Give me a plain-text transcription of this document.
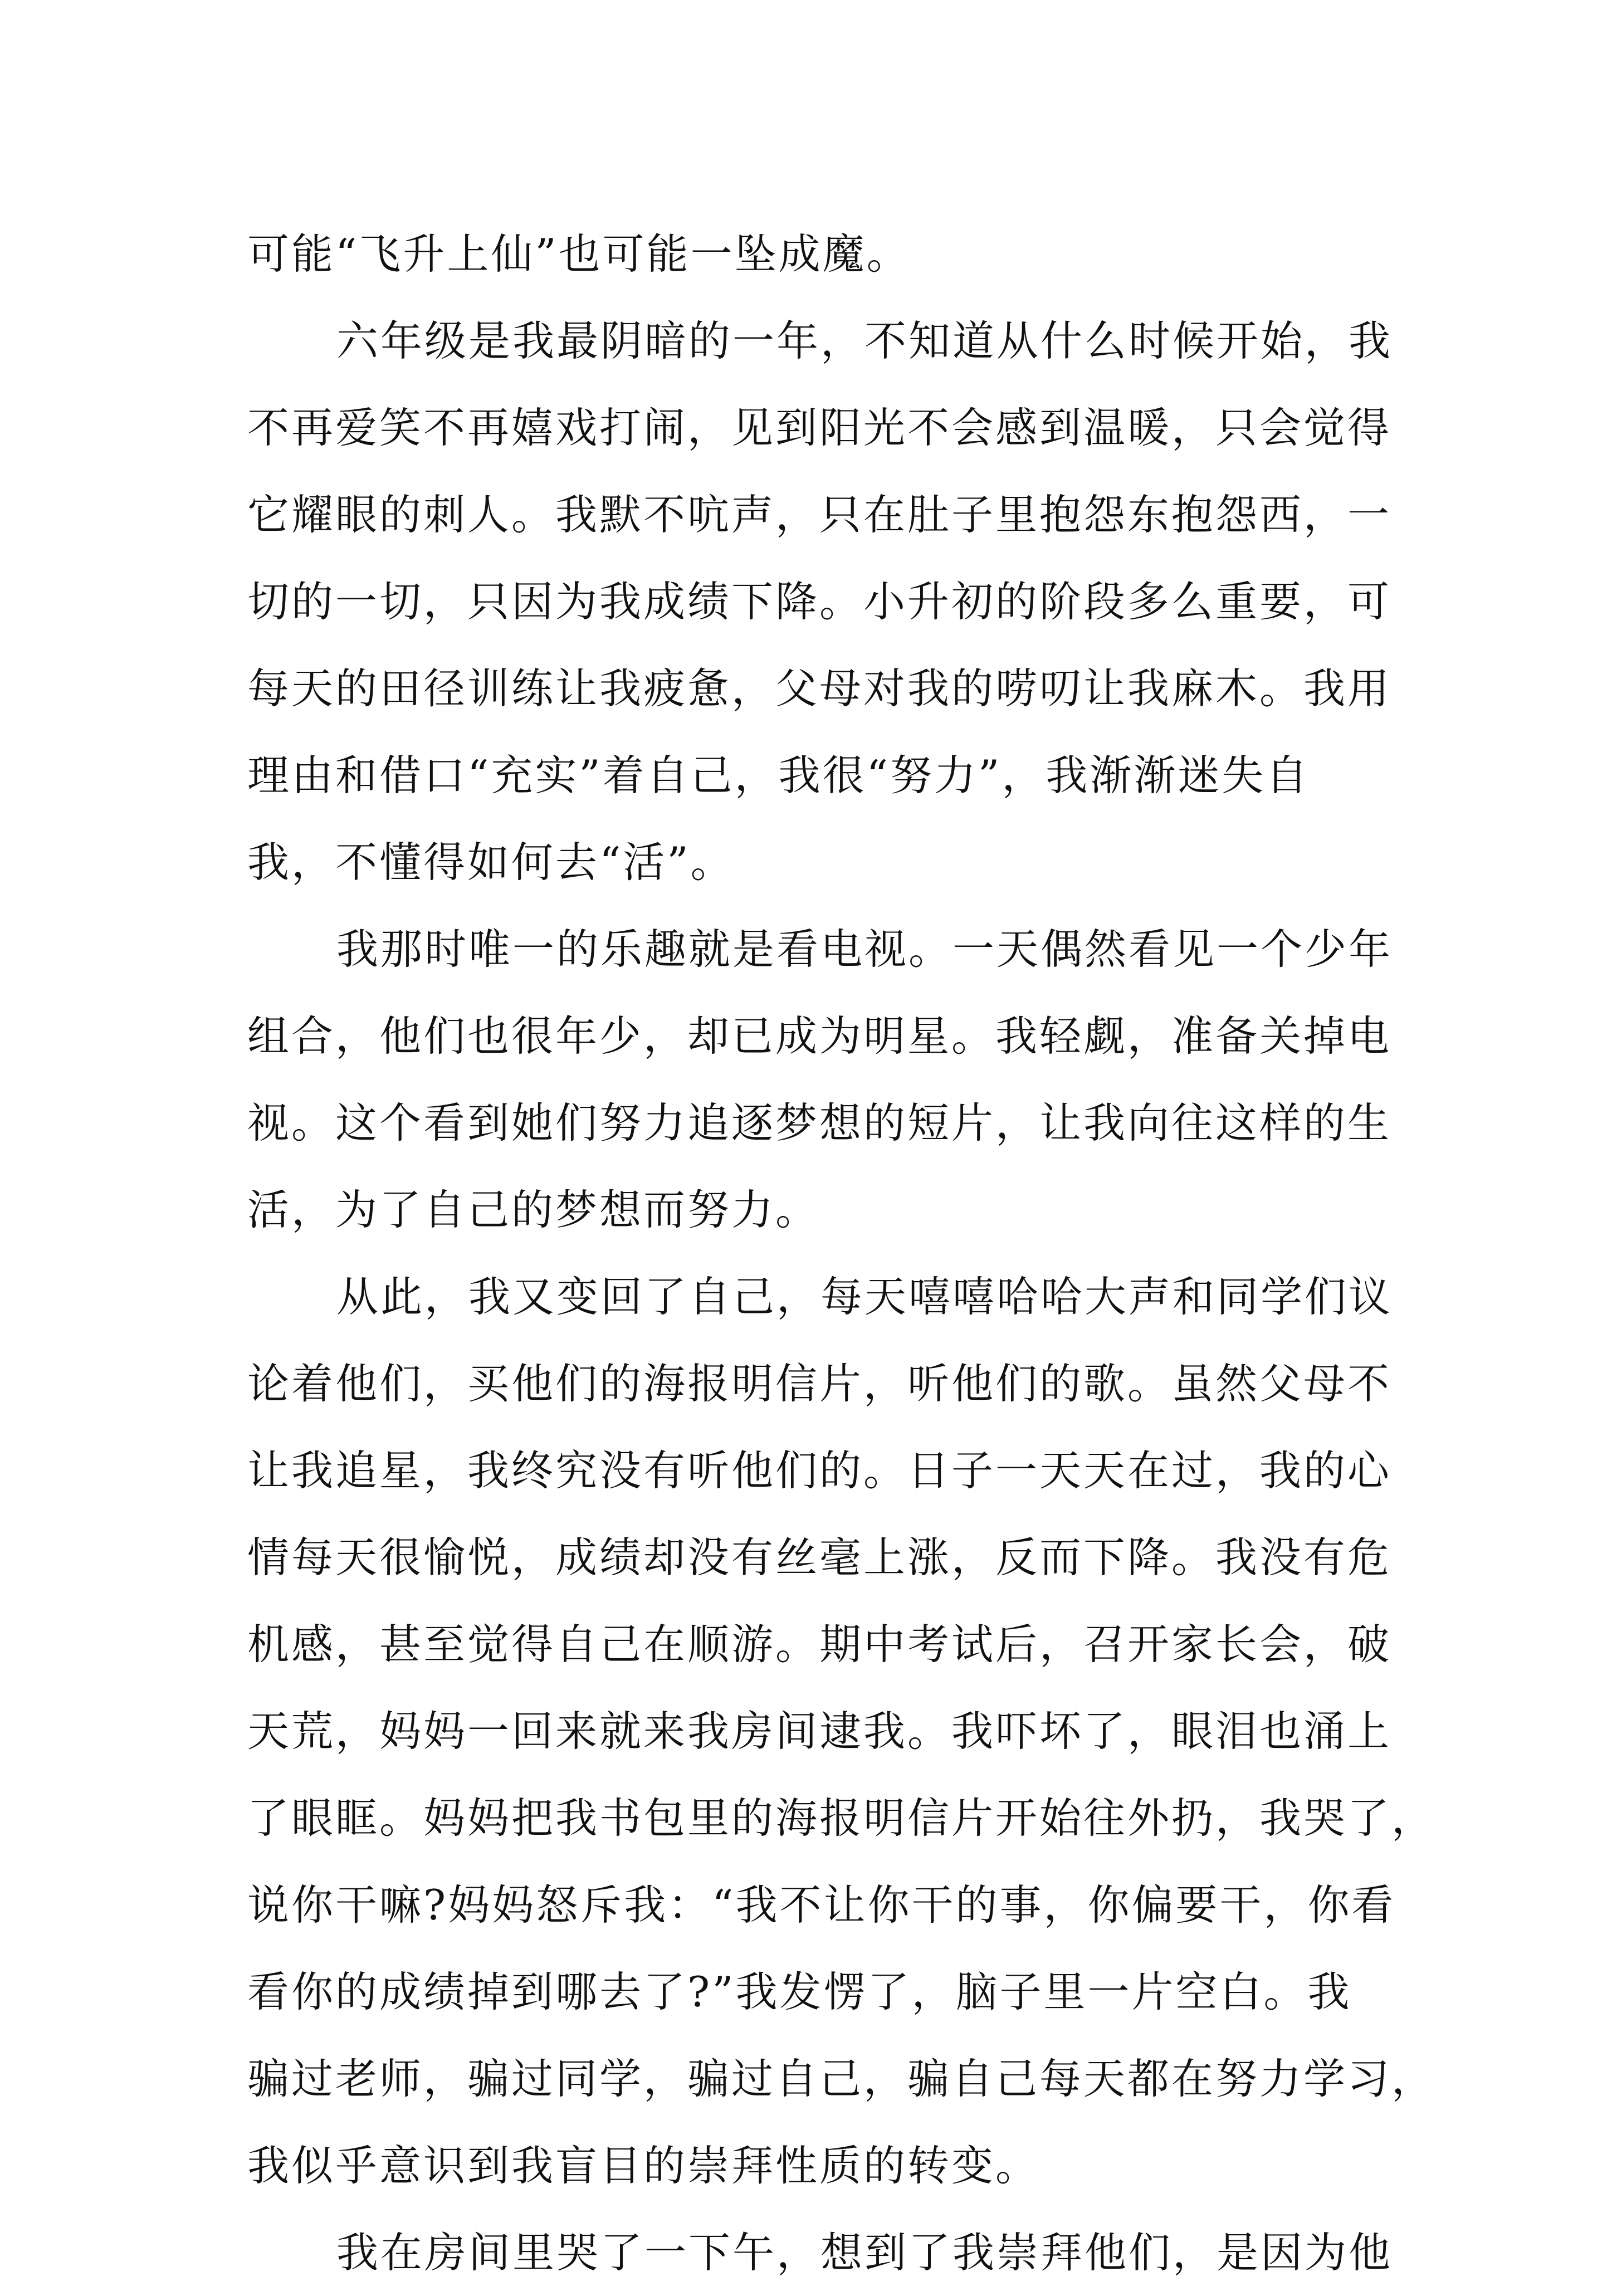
可能“飞升上仙”也可能一坠成魔。
六年级是我最阴暗的一年，不知道从什么时候开始，我
不再爱笑不再嬉戏打闹，见到阳光不会感到温暖，只会觉得
它耀眼的刺人。我默不吭声，只在肚子里抱怨东抱怨西，一
切的一切，只因为我成绩下降。小升初的阶段多么重要，可
每天的田径训练让我疲惫，父母对我的唠叨让我麻木。我用
理由和借口“充实”着自己，我很“努力”，我渐渐迷失自
我，不懂得如何去“活”。
我那时唯一的乐趣就是看电视。一天偶然看见一个少年
组合，他们也很年少，却已成为明星。我轻觑，准备关掉电
视。这个看到她们努力追逐梦想的短片，让我向往这样的生
活，为了自己的梦想而努力。
从此，我又变回了自己，每天嘻嘻哈哈大声和同学们议
论着他们，买他们的海报明信片，听他们的歌。虽然父母不
让我追星，我终究没有听他们的。日子一天天在过，我的心
情每天很愉悦，成绩却没有丝毫上涨，反而下降。我没有危
机感，甚至觉得自己在顺游。期中考试后，召开家长会，破
天荒，妈妈一回来就来我房间逮我。我吓坏了，眼泪也涌上
了眼眶。妈妈把我书包里的海报明信片开始往外扔，我哭了，
说你干嘛?妈妈怒斥我：“我不让你干的事，你偏要干，你看
看你的成绩掉到哪去了?”我发愣了，脑子里一片空白。我
骗过老师，骗过同学，骗过自己，骗自己每天都在努力学习，
我似乎意识到我盲目的崇拜性质的转变。
我在房间里哭了一下午，想到了我崇拜他们，是因为他
